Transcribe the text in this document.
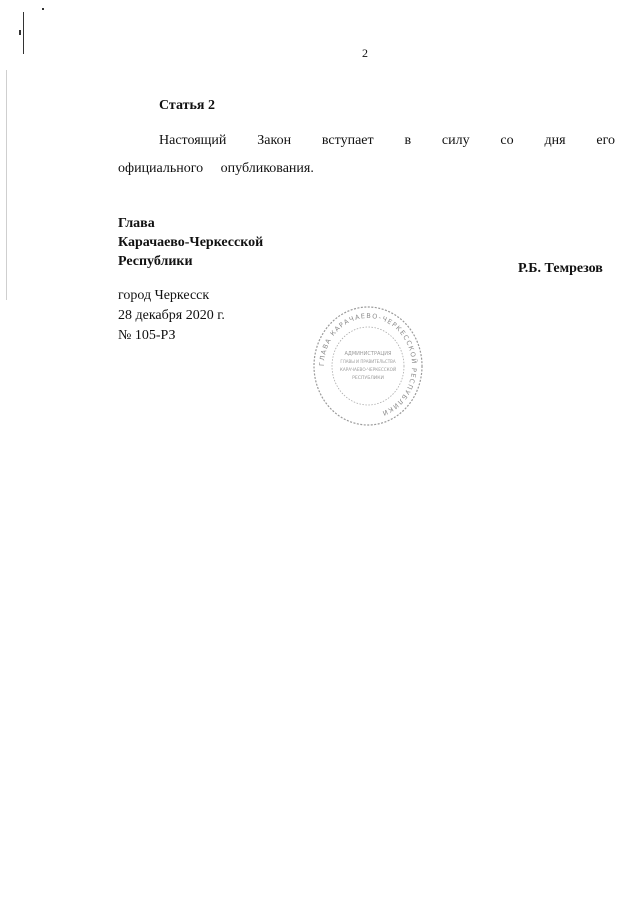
2
Статья 2
Настоящий Закон вступает в силу со дня его официального опубликования.
Глава
Карачаево-Черкесской
Республики	Р.Б. Темрезов
город Черкесск
28 декабря 2020 г.
№ 105-РЗ
ГЛАВА КАРАЧАЕВО-ЧЕРКЕССКОЙ РЕСПУБЛИКИ
АДМИНИСТРАЦИЯ
ГЛАВЫ И ПРАВИТЕЛЬСТВА
КАРАЧАЕВО-ЧЕРКЕССКОЙ
РЕСПУБЛИКИ
